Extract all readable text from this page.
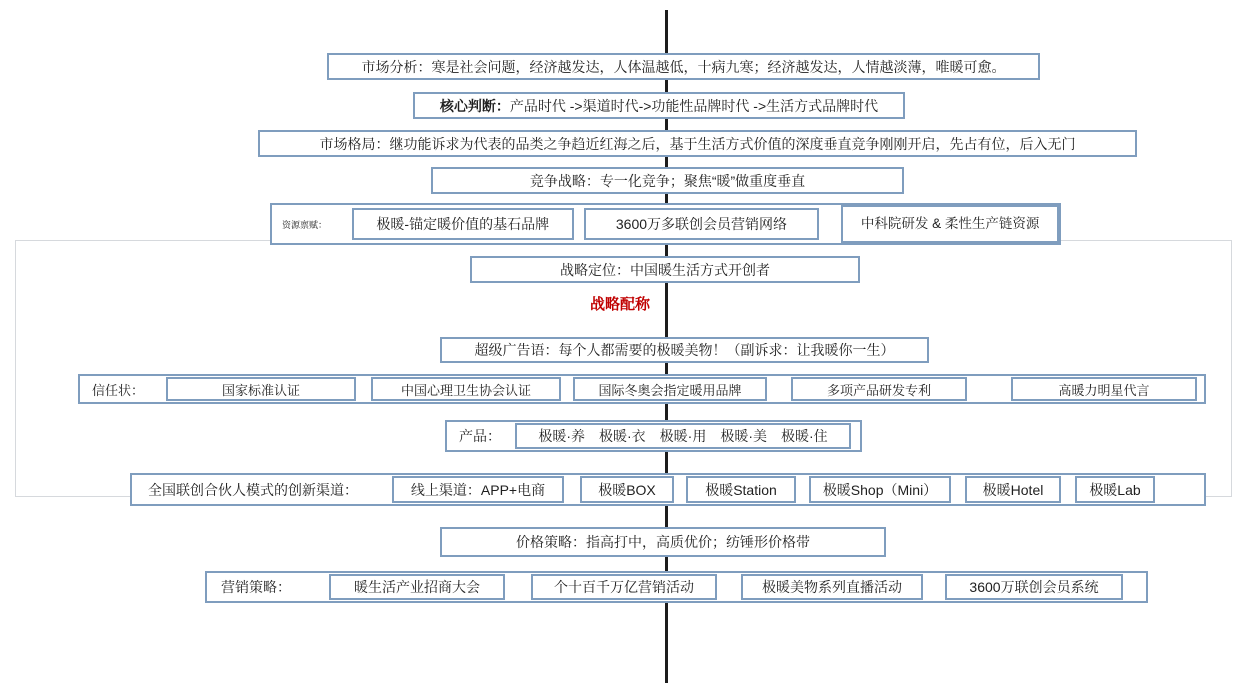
市场分析：寒是社会问题，经济越发达，人体温越低，十病九寒；经济越发达，人情越淡薄，唯暖可愈。
核心判断： 产品时代 ->渠道时代->功能性品牌时代 ->生活方式品牌时代
市场格局：继功能诉求为代表的品类之争趋近红海之后，基于生活方式价值的深度垂直竞争刚刚开启，先占有位，后入无门
竞争战略：专一化竞争；聚焦“暖”做重度垂直
资源禀赋：	极暖-锚定暖价值的基石品牌	3600万多联创会员营销网络	中科院研发 & 柔性生产链资源
战略定位：中国暖生活方式开创者
战略配称
超级广告语：每个人都需要的极暖美物！（副诉求：让我暖你一生）
信任状：	国家标准认证	中国心理卫生协会认证	国际冬奥会指定暖用品牌	多项产品研发专利	高暖力明星代言
产品：	极暖·养　极暖·衣　极暖·用　极暖·美　极暖·住
全国联创合伙人模式的创新渠道：	线上渠道：APP+电商	极暖BOX	极暖Station	极暖Shop（Mini）	极暖Hotel	极暖Lab
价格策略：指高打中，高质优价；纺锤形价格带
营销策略：	暖生活产业招商大会	个十百千万亿营销活动	极暖美物系列直播活动	3600万联创会员系统
